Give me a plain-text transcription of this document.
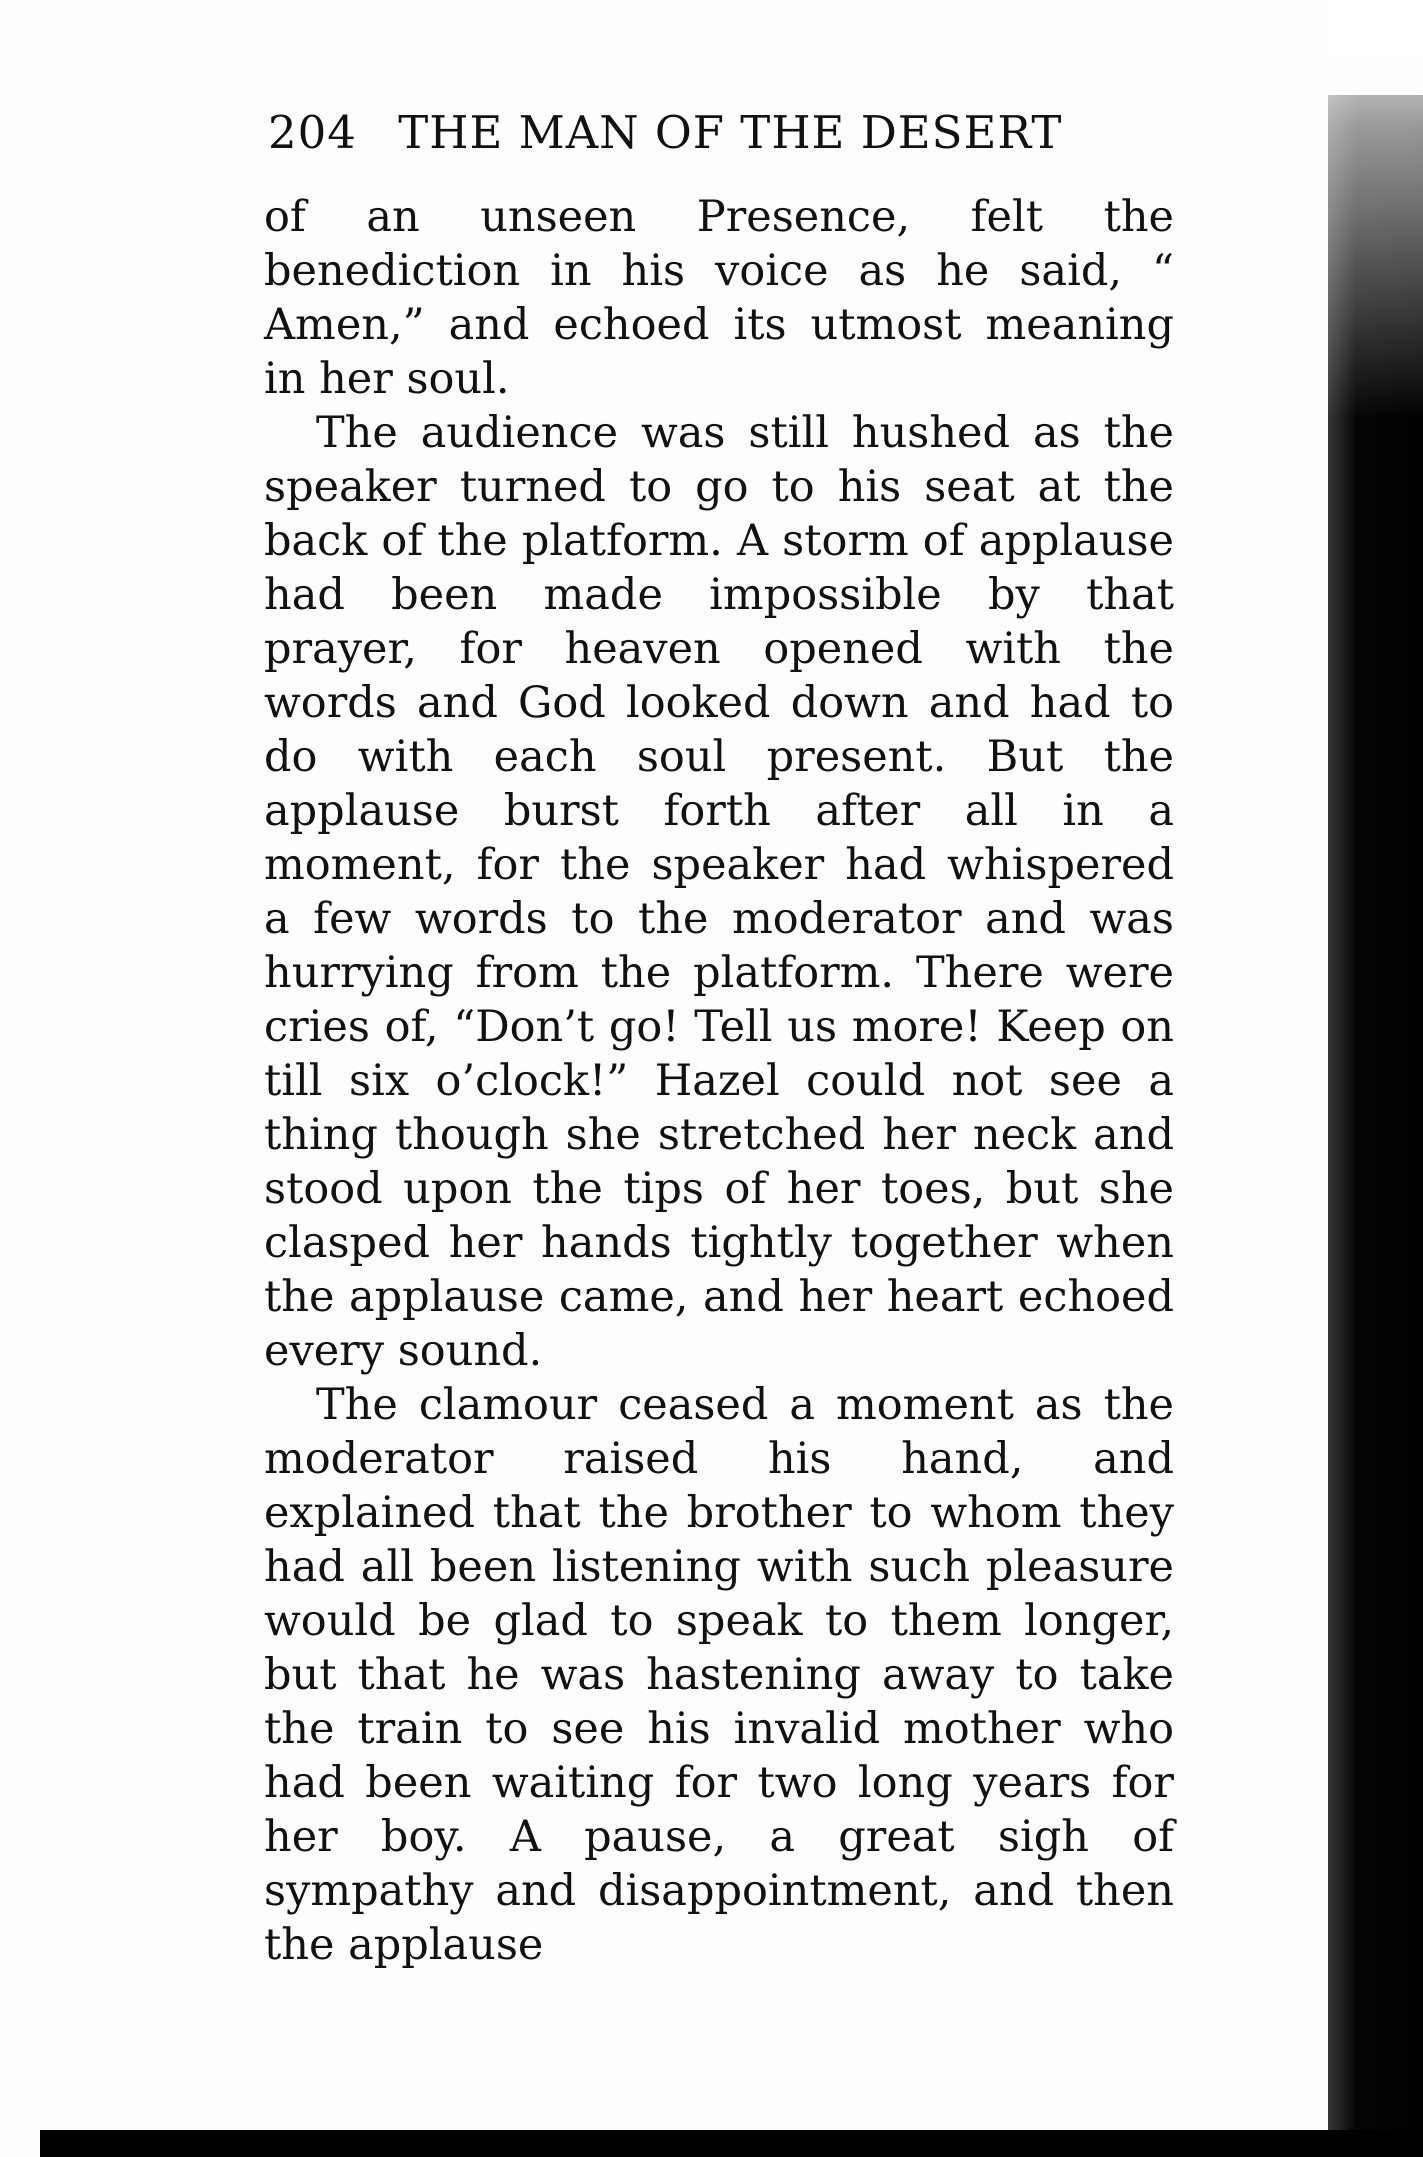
204 THE MAN OF THE DESERT

of an unseen Presence, felt the benediction in his voice as he said, “ Amen,” and echoed its utmost meaning in her soul.

The audience was still hushed as the speaker turned to go to his seat at the back of the platform. A storm of applause had been made impossible by that prayer, for heaven opened with the words and God looked down and had to do with each soul present. But the applause burst forth after all in a moment, for the speaker had whispered a few words to the moderator and was hurrying from the platform. There were cries of, “Don’t go! Tell us more! Keep on till six o’clock!” Hazel could not see a thing though she stretched her neck and stood upon the tips of her toes, but she clasped her hands tightly together when the applause came, and her heart echoed every sound.

The clamour ceased a moment as the moderator raised his hand, and explained that the brother to whom they had all been listening with such pleasure would be glad to speak to them longer, but that he was hastening away to take the train to see his invalid mother who had been waiting for two long years for her boy. A pause, a great sigh of sympathy and disappointment, and then the applause
